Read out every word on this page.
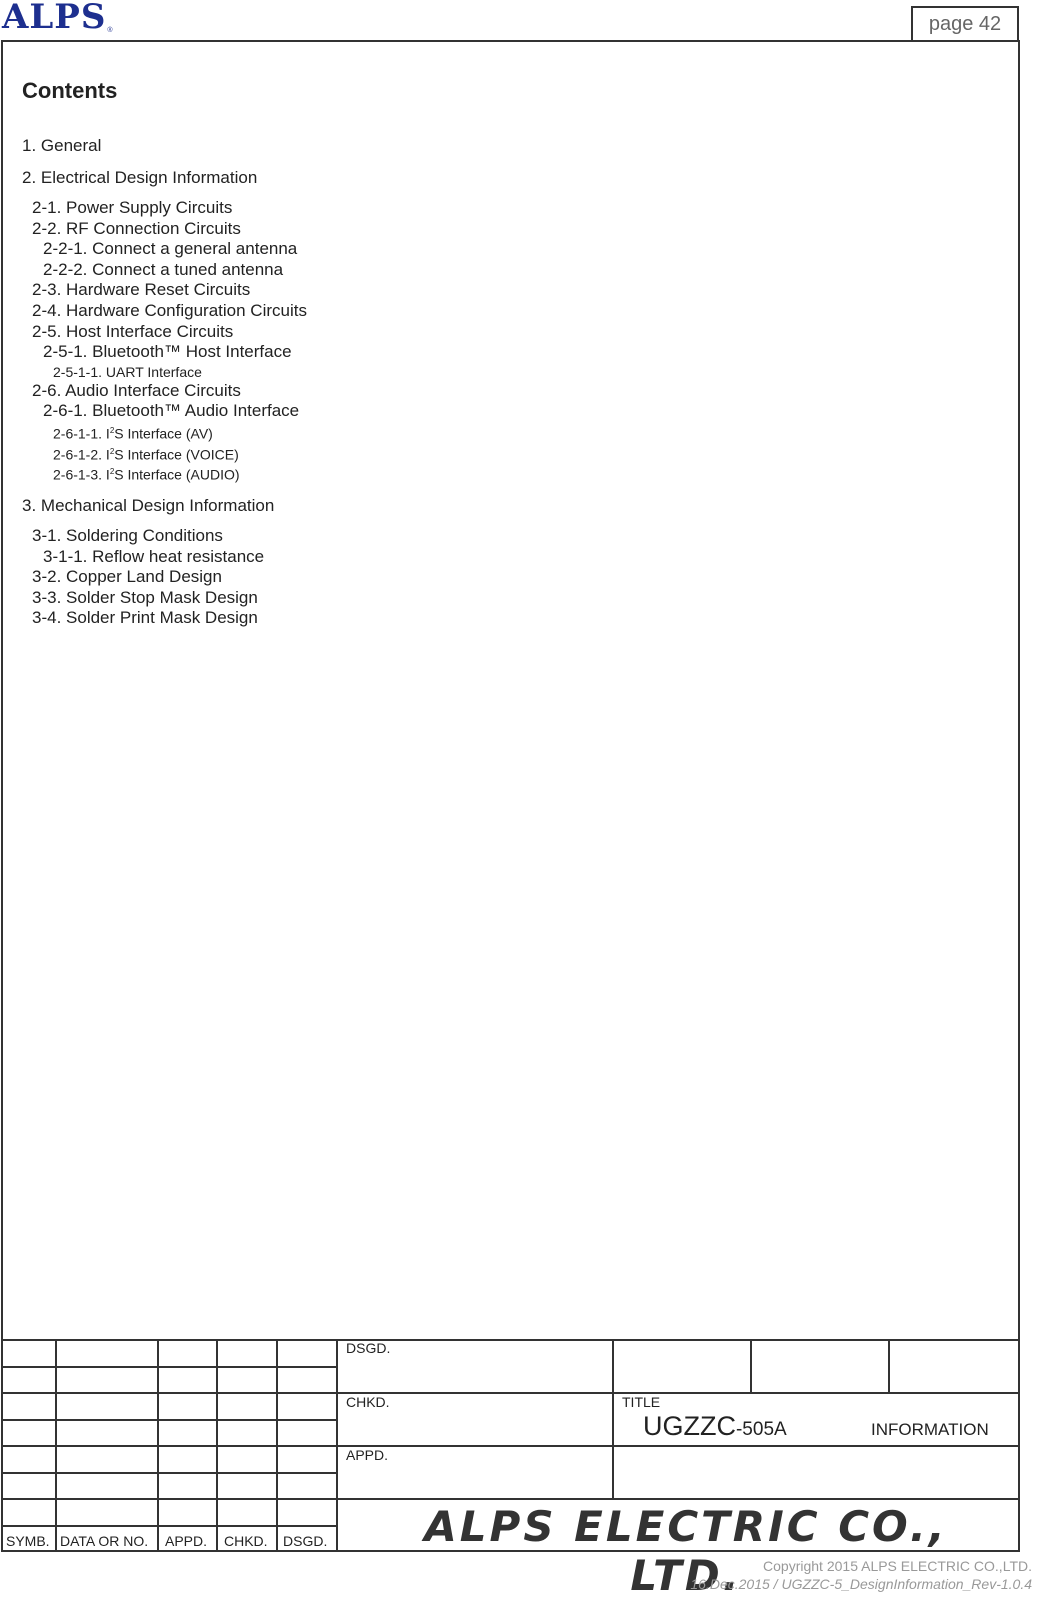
ALPS®	page 42
Contents
1. General
2. Electrical Design Information
2-1. Power Supply Circuits
2-2. RF Connection Circuits
2-2-1. Connect a general antenna
2-2-2. Connect a tuned antenna
2-3. Hardware Reset Circuits
2-4. Hardware Configuration Circuits
2-5. Host Interface Circuits
2-5-1. Bluetooth™ Host Interface
2-5-1-1. UART Interface
2-6. Audio Interface Circuits
2-6-1. Bluetooth™ Audio Interface
2-6-1-1. $I^2S$ Interface (AV)
2-6-1-2. $I^2S$ Interface (VOICE)
2-6-1-3. $I^2S$ Interface (AUDIO)
3. Mechanical Design Information
3-1. Soldering Conditions
3-1-1. Reflow heat resistance
3-2. Copper Land Design
3-3. Solder Stop Mask Design
3-4. Solder Print Mask Design
SYMB. DATA OR NO. APPD. CHKD. DSGD.
DSGD.
CHKD.
APPD.
TITLE
UGZZC-505A	INFORMATION
ALPS ELECTRIC CO., LTD.	Copyright 2015 ALPS ELECTRIC CO.,LTD.
16.Dec.2015 / UGZZC-5_DesignInformation_Rev-1.0.4
